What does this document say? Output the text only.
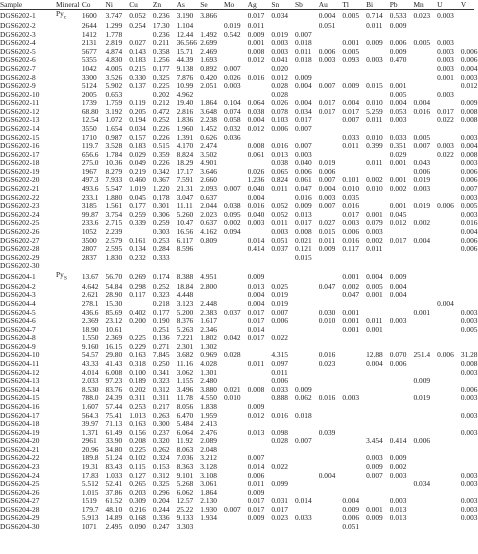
Sample	Mineral	Co	Ni	Cu	Zn	As	Se	Mo	Ag	Sn	Sb	Au	Tl	Bi	Pb	Mn	U	V
DGS6202-1	$Py_c$	1600	3.747	0.052	0.236	3.190	3.866		0.017	0.034		0.004	0.005	0.714	0.533	0.023	0.003	
DGS6202-2		2644	1.299	0.254	17.30	1.104		0.019	0.011			0.051		0.011	0.009			
DGS6202-3		1412	1.778		0.236	12.44	1.492	0.542	0.009	0.019	0.007							
DGS6202-4		2131	2.819	0.027	0.211	36.566	2.699		0.001	0.003	0.018		0.001	0.009	0.006	0.005	0.003	
DGS6202-5		5677	4.874	0.143	0.358	15.71	2.469		0.008	0.003	0.011	0.006	0.005		0.009		0.003	0.006
DGS6202-6		5355	4.830	0.183	1.256	44.39	1.693		0.012	0.041	0.018	0.003	0.093	0.003	0.470		0.003	0.006
DGS6202-7		1042	4.005	0.215	0.177	9.138	0.892	0.007		0.020							0.003	0.004
DGS6202-8		3300	3.526	0.330	0.325	7.876	0.420	0.026	0.016	0.012	0.009						0.001	0.003
DGS6202-9		5124	5.902	0.137	0.225	10.99	2.051	0.003		0.028	0.004	0.007	0.009	0.015	0.001			0.012
DGS6202-10		2005	0.653		0.202	4.962				0.028					0.005		0.003	
DGS6202-11		1739	1.759	0.119	0.212	19.40	1.864	0.104	0.064	0.026	0.004	0.017	0.004	0.010	0.004	0.004		0.009
DGS6202-12		68.80	3.192	0.205	0.472	2.816	3.648	0.074	0.038	0.078	0.034	0.017	0.017	5.259	0.053	0.016	0.017	0.008
DGS6202-13		12.54	1.072	0.194	0.252	1.836	2.238	0.058	0.004	0.103	0.017		0.007	0.011	0.003		0.022	0.008
DGS6202-14		3550	1.654	0.034	0.226	1.960	1.452	0.032	0.012	0.006	0.007							
DGS6202-15		1710	0.987	0.157	0.226	1.391	0.626	0.036					0.033	0.010	0.033	0.005		0.003
DGS6202-16		119.7	3.528	0.183	0.515	4.170	2.474		0.008	0.016	0.007		0.011	0.399	0.351	0.007	0.003	0.004
DGS6202-17		656.6	1.784	0.029	0.359	8.824	3.502		0.061	0.013	0.003				0.029		0.022	0.008
DGS6202-18		275.0	10.36	0.049	0.226	18.29	4.901			0.038	0.040	0.019		0.011	0.001	0.043		0.003
DGS6202-19		1967	8.279	0.219	0.342	17.17	3.646		0.026	0.065	0.006	0.006				0.006		0.006
DGS6202-20		497.3	7.933	0.460	0.367	7.591	2.660		1.236	0.824	0.061	0.007	0.101	0.002	0.001	0.019		0.006
DGS6202-21		493.6	5.547	1.019	1.220	21.31	2.093	0.007	0.040	0.011	0.047	0.004	0.010	0.010	0.002	0.003		0.007
DGS6202-22		233.1	1.880	0.045	0.178	3.047	0.637		0.004		0.016	0.003	0.035					0.003
DGS6202-23		3185	1.561	0.177	0.301	11.11	2.044	0.038	0.016	0.052	0.009	0.007	0.016		0.001	0.019	0.006	0.005
DGS6202-24		99.87	3.754	0.259	0.306	5.260	2.023	0.095	0.040	0.052	0.013		0.017	0.001	0.045			0.003
DGS6202-25		233.6	2.715	0.339	0.259	10.47	0.637	0.002	0.003	0.011	0.017	0.027	0.003	0.079	0.012	0.002		0.016
DGS6202-26		1052	2.239		0.303	16.56	4.162	0.094		0.003	0.008	0.015	0.006	0.003				0.004
DGS6202-27		3500	2.579	0.161	0.253	6.117	0.809		0.014	0.051	0.021	0.011	0.016	0.002	0.017	0.004		0.006
DGS6202-28		2807	2.595	0.134	0.284	8.596			0.414	0.037	0.121	0.009	0.117	0.011				0.006
DGS6202-29		2837	1.830	0.232	0.333						0.015							
DGS6202-30																		
DGS6204-1	$Py_S$	13.67	56.70	0.269	0.174	8.388	4.951		0.009				0.001	0.004	0.009			
DGS6204-2		4.642	54.84	0.298	0.252	18.84	2.800		0.013	0.025		0.047	0.002	0.005	0.004			
DGS6204-3		2.621	28.90	0.117	0.323	4.448			0.004	0.019			0.047	0.001	0.004			
DGS6204-4		278.1	15.30		0.218	3.123	2.448		0.004	0.019							0.004	
DGS6204-5		436.6	85.69	0.402	0.177	5.200	2.383	0.037	0.017	0.007		0.030	0.001			0.001		0.003
DGS6204-6		2.369	23.12	0.200	0.190	8.376	1.617		0.017	0.006		0.010	0.001	0.011	0.003			0.003
DGS6204-7		18.90	10.61		0.251	5.263	2.346		0.014				0.001	0.001				0.005
DGS6204-8		1.550	2.369	0.225	0.136	7.221	1.802	0.042	0.017	0.022								
DGS6204-9		9.160	16.15	0.229	0.271	2.301	1.302											
DGS6204-10		54.57	29.80	0.163	7.845	3.682	0.969	0.028		4.315		0.016		12.88	0.070	251.4	0.006	31.28
DGS6204-11		43.33	41.43	0.318	0.250	11.16	4.028		0.011	0.097		0.023		0.004	0.006			0.008
DGS6204-12		4.014	6.008	0.100	0.341	3.062	1.301			0.011								0.003
DGS6204-13		2.033	97.23	0.189	0.323	1.155	2.480			0.006						0.009		
DGS6204-14		8.530	83.76	0.202	0.312	3.496	3.880	0.021	0.008	0.033	0.009							0.006
DGS6204-15		788.0	24.39	0.311	0.311	11.78	4.550	0.010		0.888	0.062	0.016	0.003			0.019		0.003
DGS6204-16		1.607	57.44	0.253	0.217	8.056	1.838		0.009									
DGS6204-17		564.3	75.41	1.013	0.263	6.470	1.959		0.012	0.016	0.018							0.003
DGS6204-18		39.97	71.13	0.163	0.300	5.484	2.413											
DGS6204-19		1.371	61.49	0.156	0.237	6.064	2.476		0.013	0.098		0.039						0.003
DGS6204-20		2961	33.90	0.208	0.320	11.92	2.089			0.028	0.007			3.454	0.414	0.006		
DGS6204-21		20.96	34.80	0.225	0.262	8.063	2.048											
DGS6204-22		189.8	51.24	0.102	0.324	7.036	3.212		0.007					0.003	0.009			
DGS6204-23		19.31	83.43	0.115	0.153	8.363	3.128		0.014	0.022				0.009	0.002			
DGS6204-24		17.83	1.033	0.127	0.312	9.101	3.108		0.006			0.004		0.007	0.003			0.003
DGS6204-25		5.512	52.41	0.265	0.325	5.268	3.061		0.011	0.099						0.034		0.003
DGS6204-26		1.015	37.86	0.203	0.296	6.062	1.864		0.009									
DGS6204-27		1519	61.52	0.309	0.204	12.57	2.130		0.017	0.031	0.014		0.004		0.003			0.003
DGS6204-28		179.7	48.10	0.216	0.244	25.22	1.930	0.007	0.017	0.017			0.009	0.001	0.013			0.003
DGS6204-29		5.913	14.89	0.168	0.336	9.133	1.934		0.009	0.023	0.033		0.006	0.009	0.013			0.003
DGS6204-30		1071	2.495	0.090	0.247	3.303							0.051					
